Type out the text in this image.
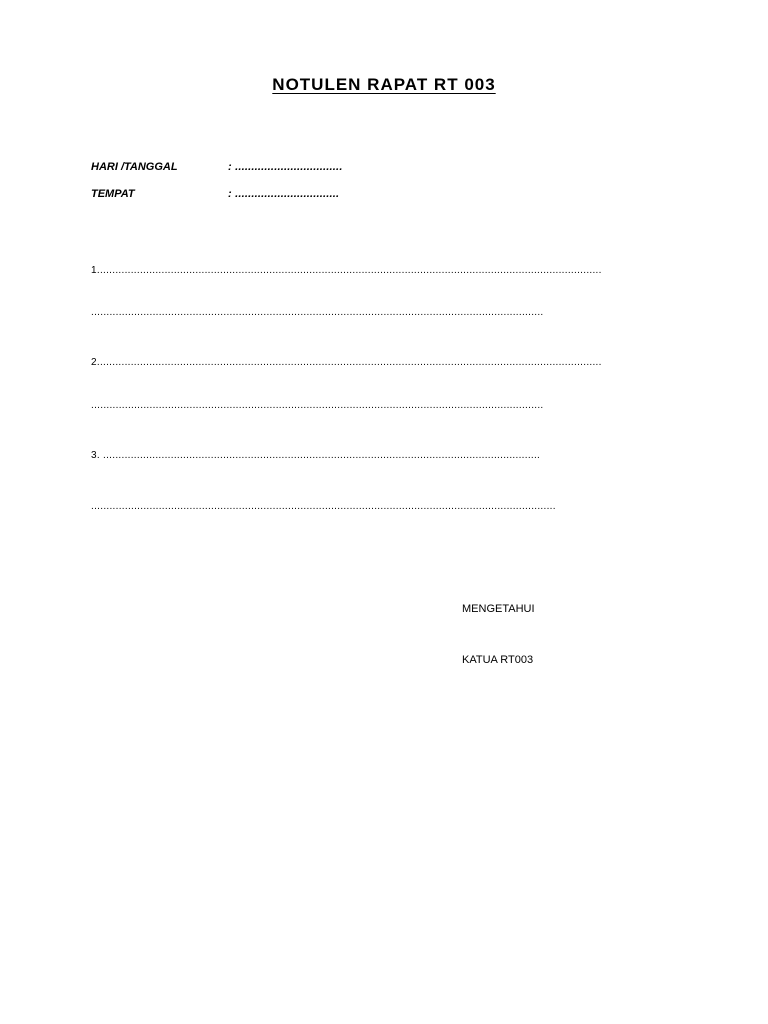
NOTULEN RAPAT RT 003
HARI /TANGGAL	: .................................
TEMPAT	: ................................
1....................................................................................................................................................................
...................................................................................................................................................
2....................................................................................................................................................................
...................................................................................................................................................
3. ..............................................................................................................................................
.......................................................................................................................................................
MENGETAHUI
KATUA RT003
